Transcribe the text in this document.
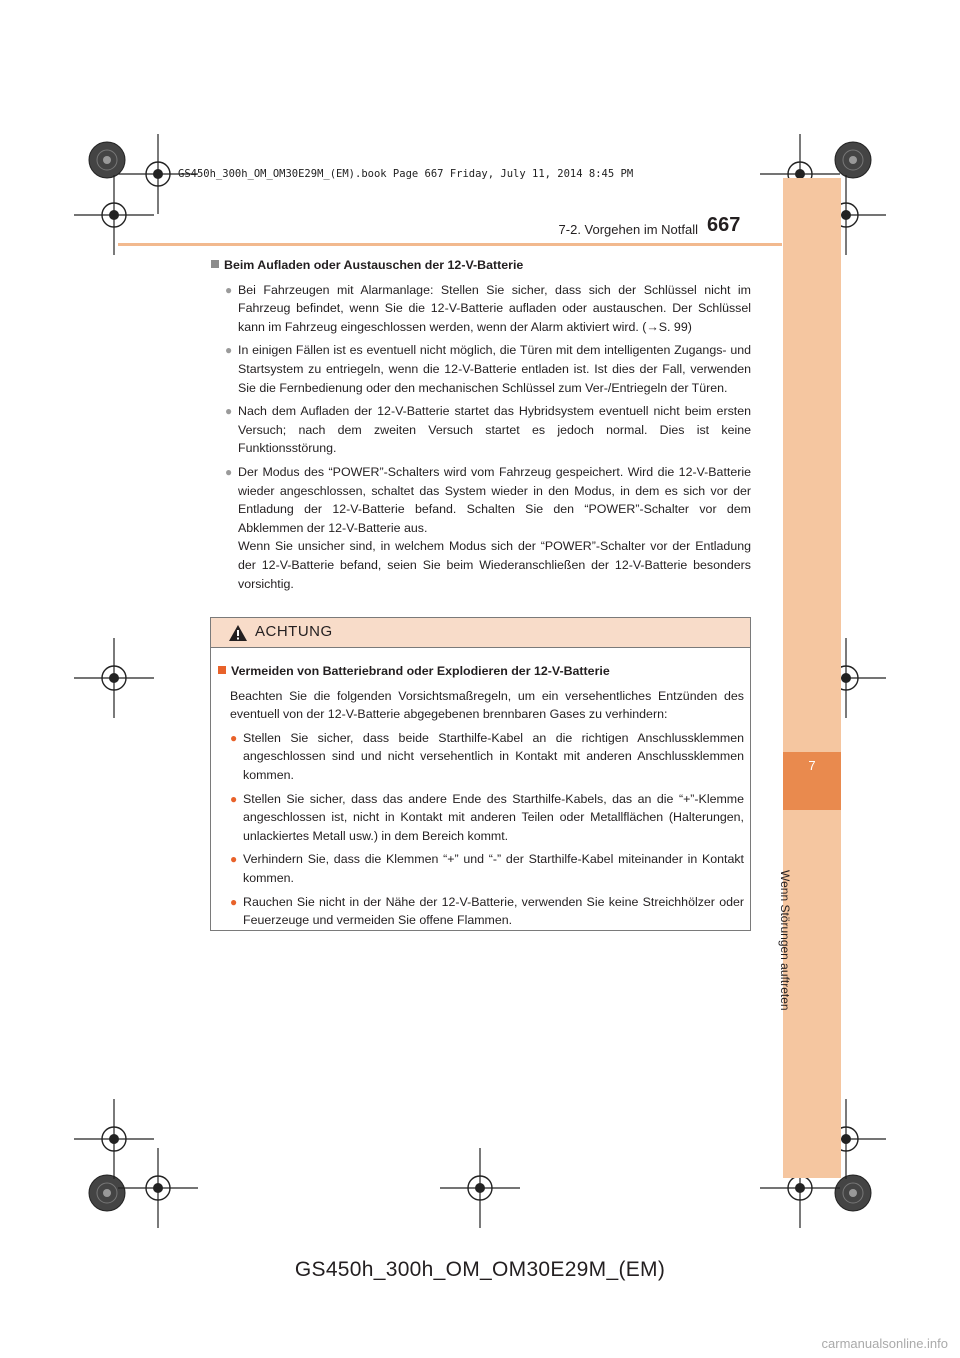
GS450h_300h_OM_OM30E29M_(EM).book Page 667 Friday, July 11, 2014 8:45 PM
7
Wenn Störungen auftreten
7-2. Vorgehen im Notfall 667
Beim Aufladen oder Austauschen der 12-V-Batterie
● Bei Fahrzeugen mit Alarmanlage: Stellen Sie sicher, dass sich der Schlüssel nicht im Fahrzeug befindet, wenn Sie die 12-V-Batterie aufladen oder austauschen. Der Schlüssel kann im Fahrzeug eingeschlossen werden, wenn der Alarm aktiviert wird. (→S. 99)
● In einigen Fällen ist es eventuell nicht möglich, die Türen mit dem intelligenten Zugangs- und Startsystem zu entriegeln, wenn die 12-V-Batterie entladen ist. Ist dies der Fall, verwenden Sie die Fernbedienung oder den mechanischen Schlüssel zum Ver-/Entriegeln der Türen.
● Nach dem Aufladen der 12-V-Batterie startet das Hybridsystem eventuell nicht beim ersten Versuch; nach dem zweiten Versuch startet es jedoch normal. Dies ist keine Funktionsstörung.
● Der Modus des “POWER”-Schalters wird vom Fahrzeug gespeichert. Wird die 12-V-Batterie wieder angeschlossen, schaltet das System wieder in den Modus, in dem es sich vor der Entladung der 12-V-Batterie befand. Schalten Sie den “POWER”-Schalter vor dem Abklemmen der 12-V-Batterie aus.
Wenn Sie unsicher sind, in welchem Modus sich der “POWER”-Schalter vor der Entladung der 12-V-Batterie befand, seien Sie beim Wiederanschließen der 12-V-Batterie besonders vorsichtig.
ACHTUNG
Vermeiden von Batteriebrand oder Explodieren der 12-V-Batterie
Beachten Sie die folgenden Vorsichtsmaßregeln, um ein versehentliches Entzünden des eventuell von der 12-V-Batterie abgegebenen brennbaren Gases zu verhindern:
● Stellen Sie sicher, dass beide Starthilfe-Kabel an die richtigen Anschlussklemmen angeschlossen sind und nicht versehentlich in Kontakt mit anderen Anschlussklemmen kommen.
● Stellen Sie sicher, dass das andere Ende des Starthilfe-Kabels, das an die “+”-Klemme angeschlossen ist, nicht in Kontakt mit anderen Teilen oder Metallflächen (Halterungen, unlackiertes Metall usw.) in dem Bereich kommt.
● Verhindern Sie, dass die Klemmen “+” und “-” der Starthilfe-Kabel miteinander in Kontakt kommen.
● Rauchen Sie nicht in der Nähe der 12-V-Batterie, verwenden Sie keine Streichhölzer oder Feuerzeuge und vermeiden Sie offene Flammen.
GS450h_300h_OM_OM30E29M_(EM)
carmanualsonline.info
